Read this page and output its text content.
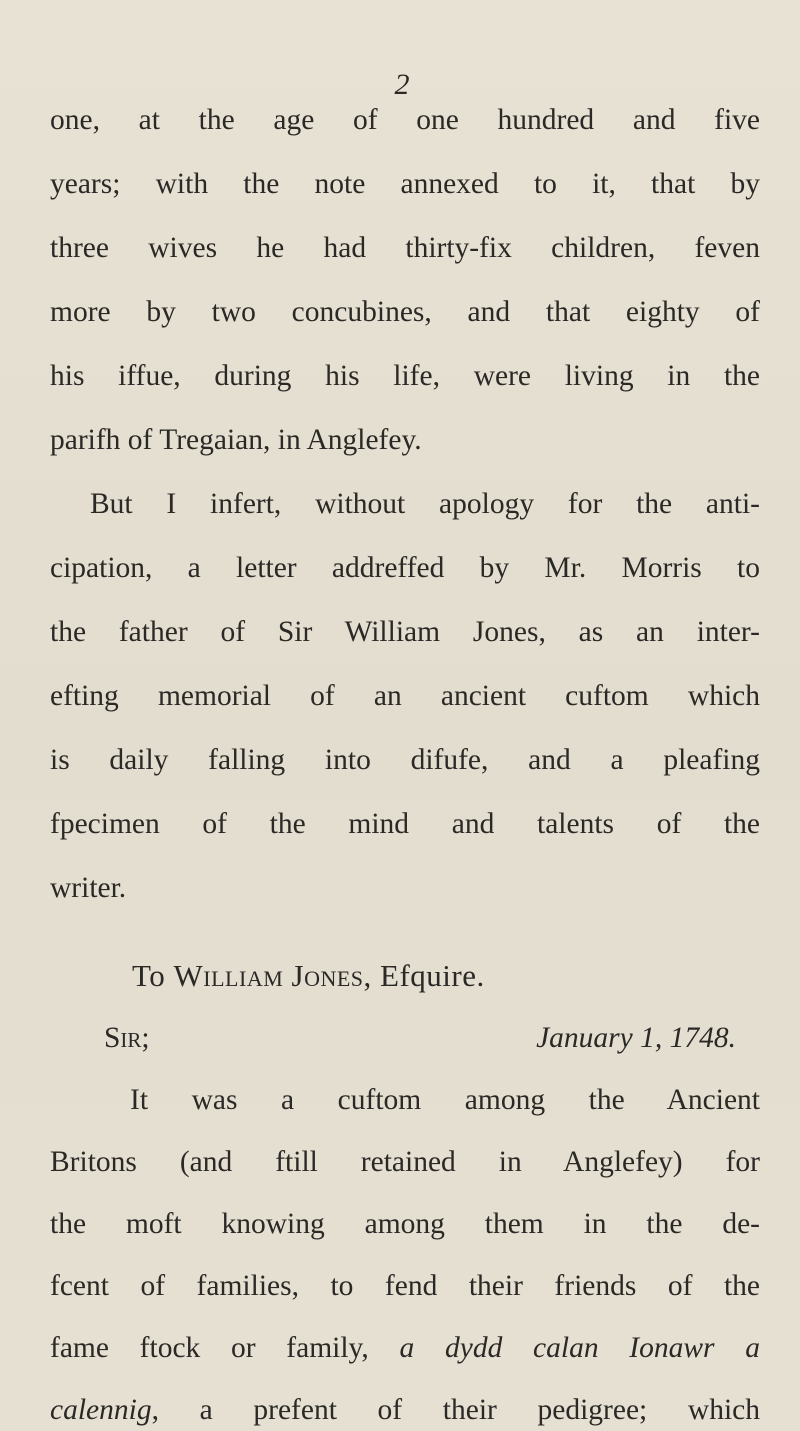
2
one, at the age of one hundred and five
years; with the note annexed to it, that by
three wives he had thirty-fix children, feven
more by two concubines, and that eighty of
his iffue, during his life, were living in the
parifh of Tregaian, in Anglefey.
But I infert, without apology for the anti-
cipation, a letter addreffed by Mr. Morris to
the father of Sir William Jones, as an inter-
efting memorial of an ancient cuftom which
is daily falling into difufe, and a pleafing
fpecimen of the mind and talents of the
writer.
To William Jones, Efquire.
Sir;	January 1, 1748.
It was a cuftom among the Ancient
Britons (and ftill retained in Anglefey) for
the moft knowing among them in the de-
fcent of families, to fend their friends of the
fame ftock or family, a dydd calan Ionawr a
calennig, a prefent of their pedigree; which
